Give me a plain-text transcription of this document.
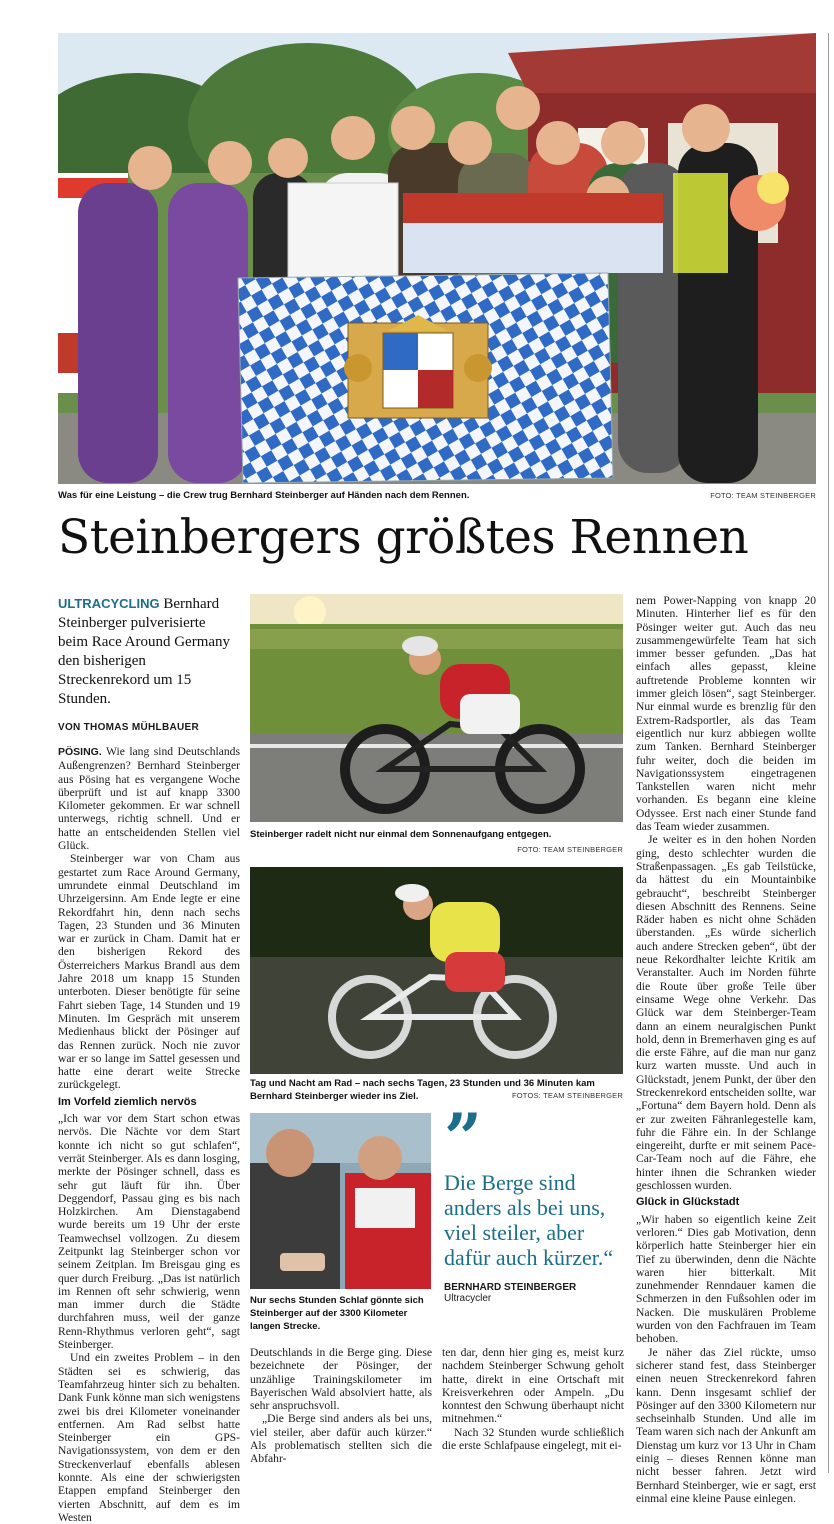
Was für eine Leistung – die Crew trug Bernhard Steinberger auf Händen nach dem Rennen.	FOTO: TEAM STEINBERGER
Steinbergers größtes Rennen
ULTRACYCLING Bernhard Steinberger pulverisierte beim Race Around Germany den bisherigen Streckenrekord um 15 Stunden.
VON THOMAS MÜHLBAUER

PÖSING. Wie lang sind Deutschlands Außengrenzen? Bernhard Steinberger aus Pösing hat es vergangene Woche überprüft und ist auf knapp 3300 Kilometer gekommen. Er war schnell unterwegs, richtig schnell. Und er hatte an entscheidenden Stellen viel Glück.

Steinberger war von Cham aus gestartet zum Race Around Germany, umrundete einmal Deutschland im Uhrzeigersinn. Am Ende legte er eine Rekordfahrt hin, denn nach sechs Tagen, 23 Stunden und 36 Minuten war er zurück in Cham. Damit hat er den bisherigen Rekord des Österreichers Markus Brandl aus dem Jahre 2018 um knapp 15 Stunden unterboten. Dieser benötigte für seine Fahrt sieben Tage, 14 Stunden und 19 Minuten. Im Gespräch mit unserem Medienhaus blickt der Pösinger auf das Rennen zurück. Noch nie zuvor war er so lange im Sattel gesessen und hatte eine derart weite Strecke zurückgelegt.

Im Vorfeld ziemlich nervös

„Ich war vor dem Start schon etwas nervös. Die Nächte vor dem Start konnte ich nicht so gut schlafen“, verrät Steinberger. Als es dann losging, merkte der Pösinger schnell, dass es sehr gut läuft für ihn. Über Deggendorf, Passau ging es bis nach Holzkirchen. Am Dienstagabend wurde bereits um 19 Uhr der erste Teamwechsel vollzogen. Zu diesem Zeitpunkt lag Steinberger schon vor seinem Zeitplan. Im Breisgau ging es quer durch Freiburg. „Das ist natürlich im Rennen oft sehr schwierig, wenn man immer durch die Städte durchfahren muss, weil der ganze Renn-Rhythmus verloren geht“, sagt Steinberger.

Und ein zweites Problem – in den Städten sei es schwierig, das Teamfahrzeug hinter sich zu behalten. Dank Funk könne man sich wenigstens zwei bis drei Kilometer voneinander entfernen. Am Rad selbst hatte Steinberger ein GPS-Navigationssystem, von dem er den Streckenverlauf ebenfalls ablesen konnte. Als eine der schwierigsten Etappen empfand Steinberger den vierten Abschnitt, auf dem es im Westen

Steinberger radelt nicht nur einmal dem Sonnenaufgang entgegen.
FOTO: TEAM STEINBERGER
Tag und Nacht am Rad – nach sechs Tagen, 23 Stunden und 36 Minuten kam Bernhard Steinberger wieder ins Ziel.	FOTOS: TEAM STEINBERGER
Nur sechs Stunden Schlaf gönnte sich Steinberger auf der 3300 Kilometer langen Strecke.
”
Die Berge sind anders als bei uns, viel steiler, aber dafür auch kürzer.“
BERNHARD STEINBERGER
Ultracycler

Deutschlands in die Berge ging. Diese bezeichnete der Pösinger, der unzählige Trainingskilometer im Bayerischen Wald absolviert hatte, als sehr anspruchsvoll.

„Die Berge sind anders als bei uns, viel steiler, aber dafür auch kürzer.“ Als problematisch stellten sich die Abfahr-

ten dar, denn hier ging es, meist kurz nachdem Steinberger Schwung geholt hatte, direkt in eine Ortschaft mit Kreisverkehren oder Ampeln. „Du konntest den Schwung überhaupt nicht mitnehmen.“

Nach 32 Stunden wurde schließlich die erste Schlafpause eingelegt, mit ei-

nem Power-Napping von knapp 20 Minuten. Hinterher lief es für den Pösinger weiter gut. Auch das neu zusammengewürfelte Team hat sich immer besser gefunden. „Das hat einfach alles gepasst, kleine auftretende Probleme konnten wir immer gleich lösen“, sagt Steinberger. Nur einmal wurde es brenzlig für den Extrem-Radsportler, als das Team eigentlich nur kurz abbiegen wollte zum Tanken. Bernhard Steinberger fuhr weiter, doch die beiden im Navigationssystem eingetragenen Tankstellen waren nicht mehr vorhanden. Es begann eine kleine Odyssee. Erst nach einer Stunde fand das Team wieder zusammen.

Je weiter es in den hohen Norden ging, desto schlechter wurden die Straßenpassagen. „Es gab Teilstücke, da hättest du ein Mountainbike gebraucht“, beschreibt Steinberger diesen Abschnitt des Rennens. Seine Räder haben es nicht ohne Schäden überstanden. „Es würde sicherlich auch andere Strecken geben“, übt der neue Rekordhalter leichte Kritik am Veranstalter. Auch im Norden führte die Route über große Teile über einsame Wege ohne Verkehr. Das Glück war dem Steinberger-Team dann an einem neuralgischen Punkt hold, denn in Bremerhaven ging es auf die erste Fähre, auf die man nur ganz kurz warten musste. Und auch in Glückstadt, jenem Punkt, der über den Streckenrekord entscheiden sollte, war „Fortuna“ dem Bayern hold. Denn als er zur zweiten Fähranlegestelle kam, fuhr die Fähre ein. In der Schlange eingereiht, durfte er mit seinem Pace-Car-Team noch auf die Fähre, ehe hinter ihnen die Schranken wieder geschlossen wurden.

Glück in Glückstadt

„Wir haben so eigentlich keine Zeit verloren.“ Dies gab Motivation, denn körperlich hatte Steinberger hier ein Tief zu überwinden, denn die Nächte waren hier bitterkalt. Mit zunehmender Renndauer kamen die Schmerzen in den Fußsohlen oder im Nacken. Die muskulären Probleme wurden von den Fachfrauen im Team behoben.

Je näher das Ziel rückte, umso sicherer stand fest, dass Steinberger einen neuen Streckenrekord fahren kann. Denn insgesamt schlief der Pösinger auf den 3300 Kilometern nur sechseinhalb Stunden. Und alle im Team waren sich nach der Ankunft am Dienstag um kurz vor 13 Uhr in Cham einig – dieses Rennen könne man nicht besser fahren. Jetzt wird Bernhard Steinberger, wie er sagt, erst einmal eine kleine Pause einlegen.
